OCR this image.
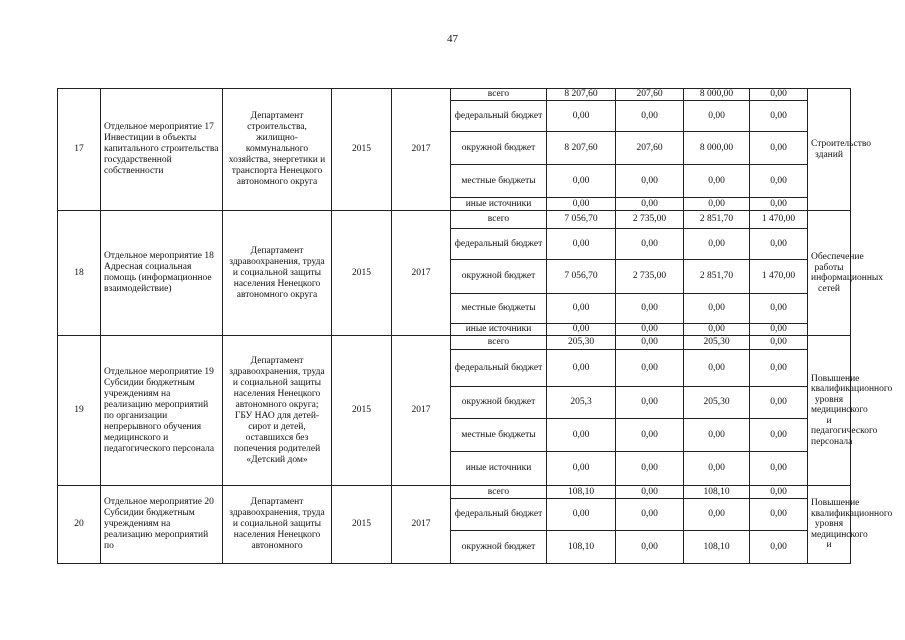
47
17	Отдельное мероприятие 17 Инвестиции в объекты капитального строительства государственной собственности	Департамент строительства, жилищно-коммунального хозяйства, энергетики и транспорта Ненецкого автономного округа	2015	2017	всего	8 207,60	207,60	8 000,00	0,00	Строительство зданий
					федеральный бюджет	0,00	0,00	0,00	0,00	
					окружной бюджет	8 207,60	207,60	8 000,00	0,00	
					местные бюджеты	0,00	0,00	0,00	0,00	
					иные источники	0,00	0,00	0,00	0,00	
18	Отдельное мероприятие 18 Адресная социальная помощь (информационное взаимодействие)	Департамент здравоохранения, труда и социальной защиты населения Ненецкого автономного округа	2015	2017	всего	7 056,70	2 735,00	2 851,70	1 470,00	Обеспечение работы информационных сетей
					федеральный бюджет	0,00	0,00	0,00	0,00	
					окружной бюджет	7 056,70	2 735,00	2 851,70	1 470,00	
					местные бюджеты	0,00	0,00	0,00	0,00	
					иные источники	0,00	0,00	0,00	0,00	
19	Отдельное мероприятие 19 Субсидии бюджетным учреждениям на реализацию мероприятий по организации непрерывного обучения медицинского и педагогического персонала	Департамент здравоохранения, труда и социальной защиты населения Ненецкого автономного округа; ГБУ НАО для детей-сирот и детей, оставшихся без попечения родителей «Детский дом»	2015	2017	всего	205,30	0,00	205,30	0,00	Повышение квалификационного уровня медицинского и педагогического персонала
					федеральный бюджет	0,00	0,00	0,00	0,00	
					окружной бюджет	205,3	0,00	205,30	0,00	
					местные бюджеты	0,00	0,00	0,00	0,00	
					иные источники	0,00	0,00	0,00	0,00	
20	Отдельное мероприятие 20 Субсидии бюджетным учреждениям на реализацию мероприятий по	Департамент здравоохранения, труда и социальной защиты населения Ненецкого автономного	2015	2017	всего	108,10	0,00	108,10	0,00	Повышение квалификационного уровня медицинского и
					федеральный бюджет	0,00	0,00	0,00	0,00	
					окружной бюджет	108,10	0,00	108,10	0,00	
